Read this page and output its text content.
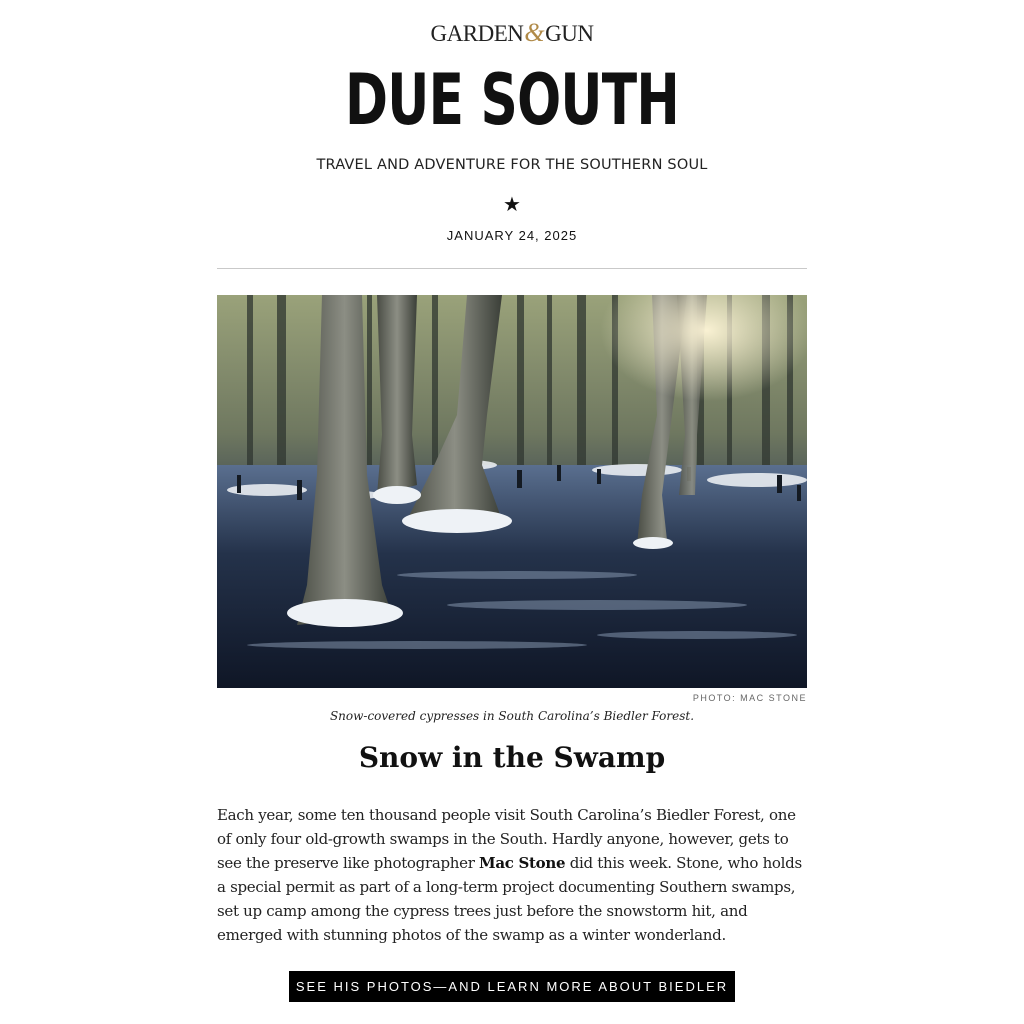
GARDEN&GUN
DUE SOUTH
TRAVEL AND ADVENTURE FOR THE SOUTHERN SOUL
★
JANUARY 24, 2025
PHOTO: MAC STONE
Snow-covered cypresses in South Carolina’s Biedler Forest.
Snow in the Swamp
Each year, some ten thousand people visit South Carolina’s Biedler Forest, one of only four old-growth swamps in the South. Hardly anyone, however, gets to see the preserve like photographer Mac Stone did this week. Stone, who holds a special permit as part of a long-term project documenting Southern swamps, set up camp among the cypress trees just before the snowstorm hit, and emerged with stunning photos of the swamp as a winter wonderland.
SEE HIS PHOTOS—AND LEARN MORE ABOUT BIEDLER
